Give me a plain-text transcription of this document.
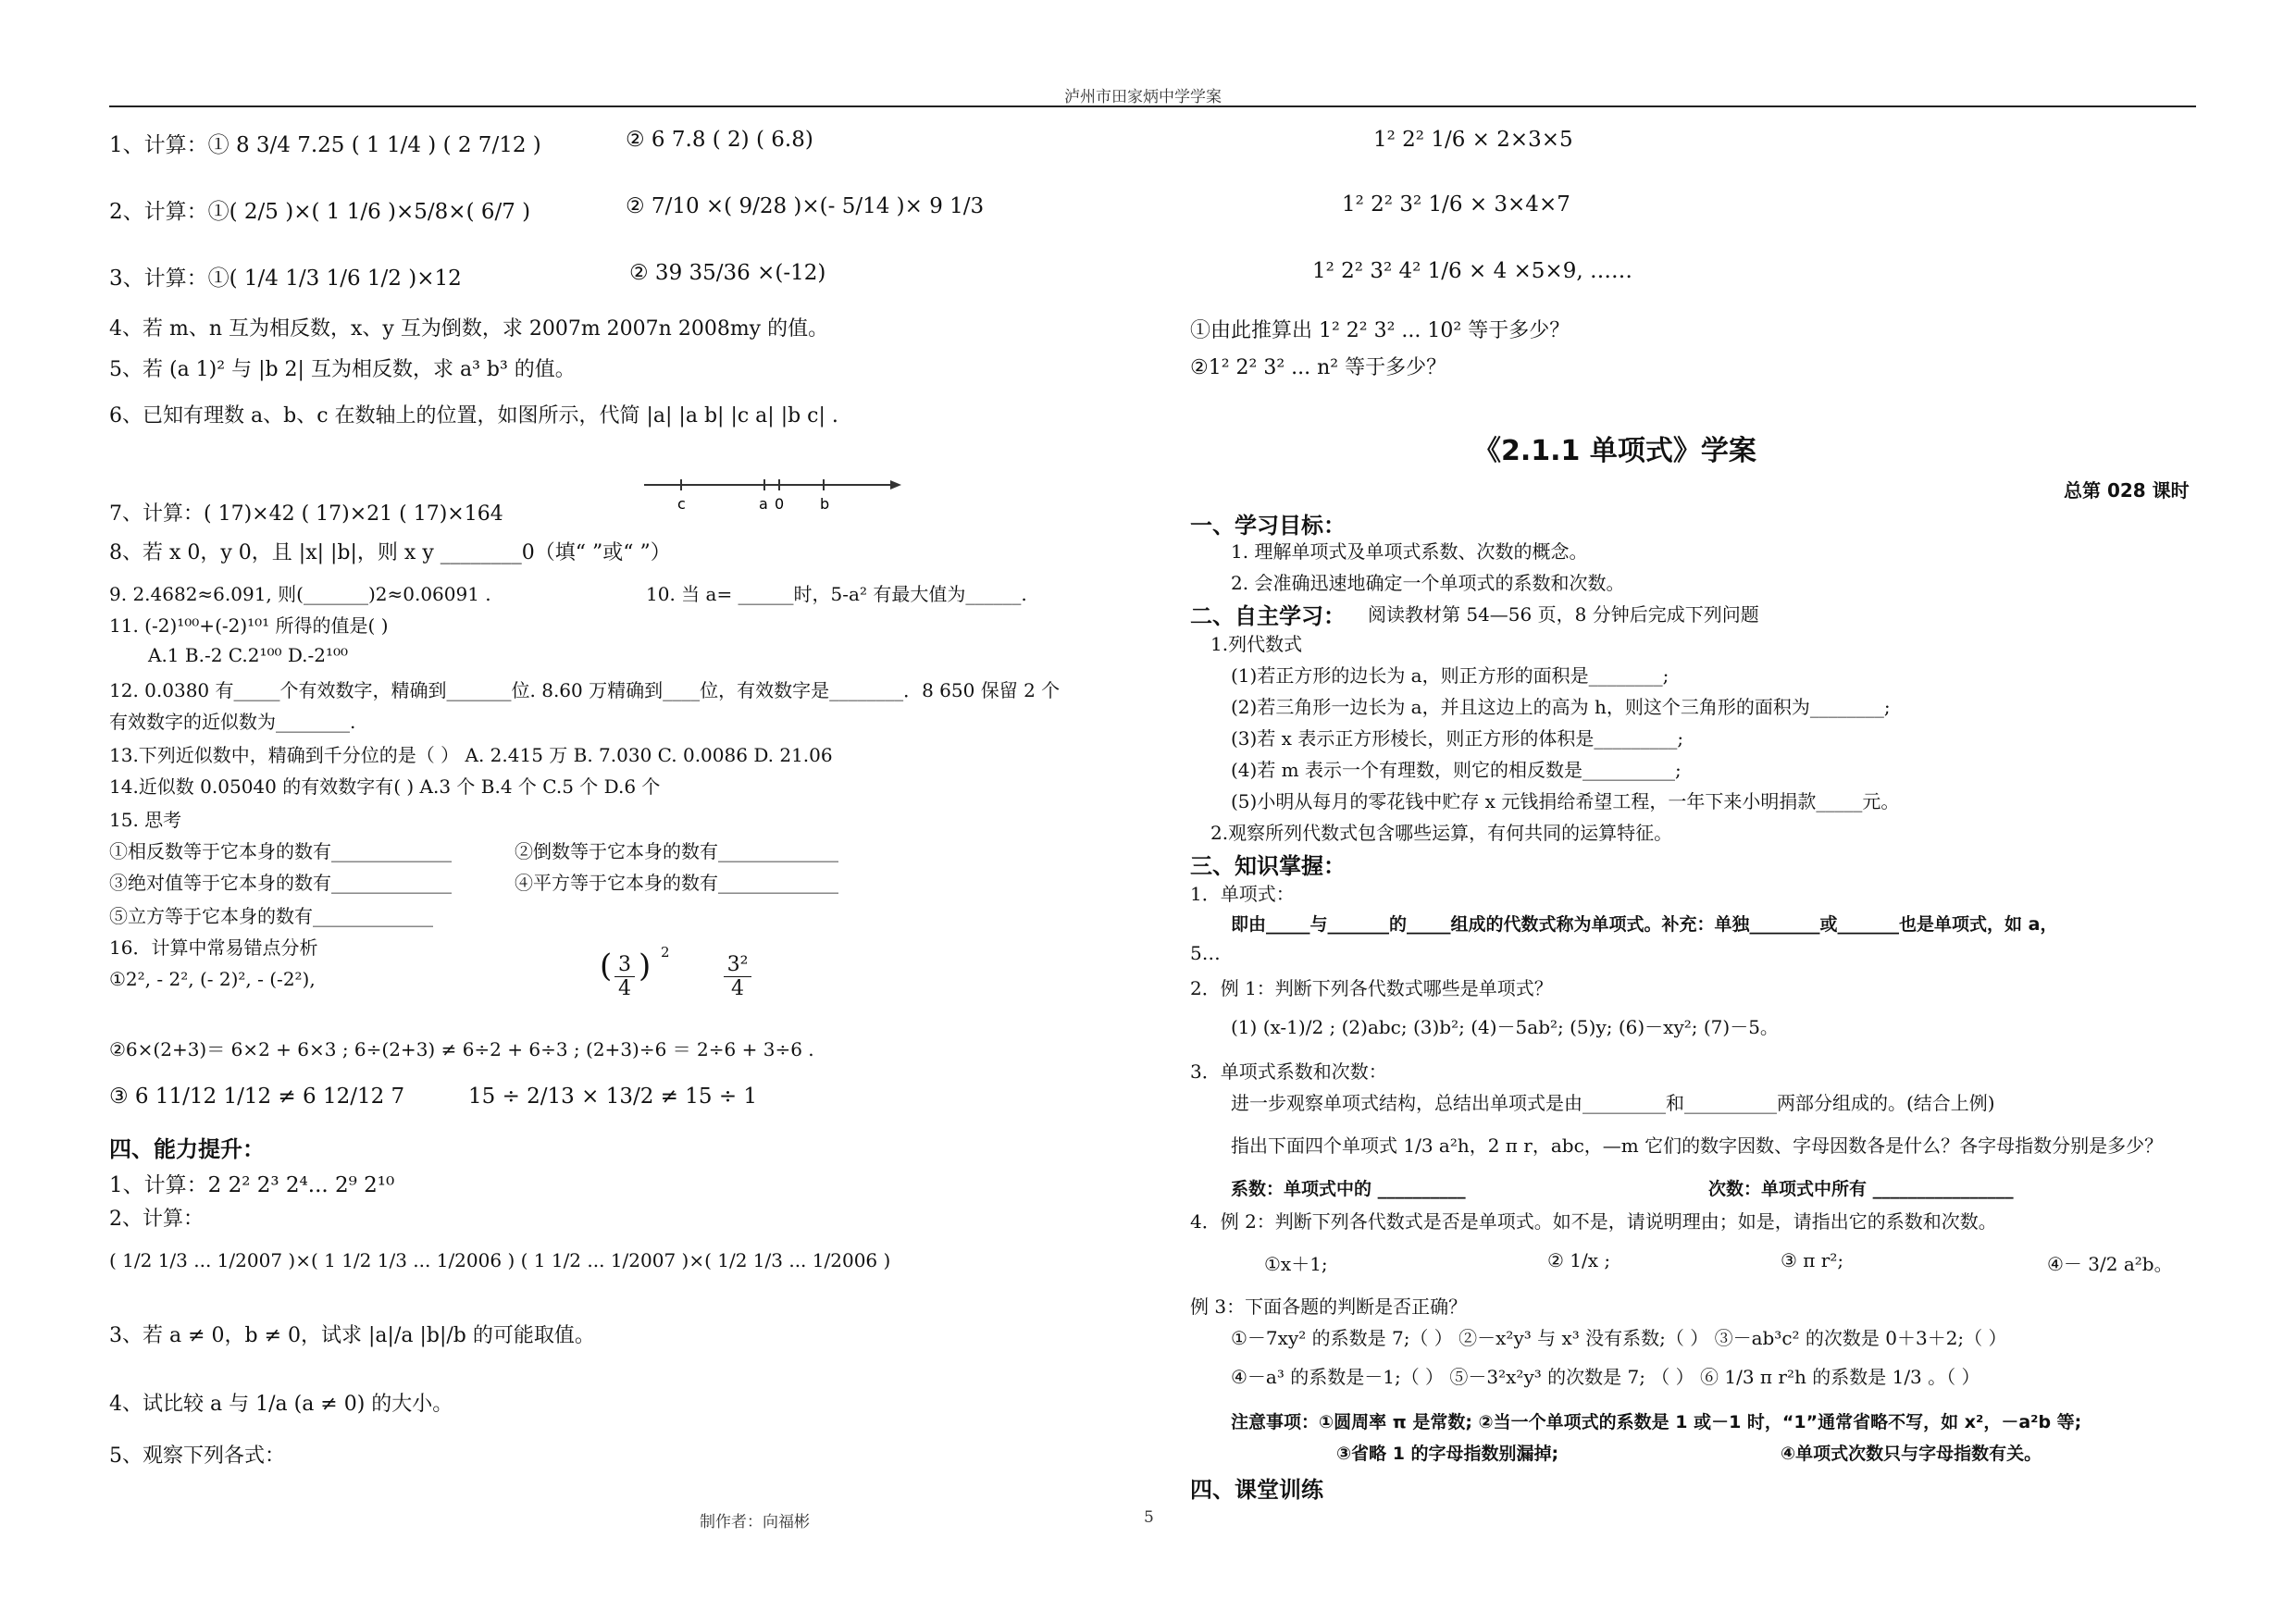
泸州市田家炳中学学案
1、计算：① 8 3/4 7.25 ( 1 1/4 ) ( 2 7/12 )	② 6 7.8 ( 2) ( 6.8)
2、计算：①( 2/5 )×( 1 1/6 )×5/8×( 6/7 )	② 7/10 ×( 9/28 )×(- 5/14 )× 9 1/3
3、计算：①( 1/4 1/3 1/6 1/2 )×12	② 39 35/36 ×(-12)
4、若 m、n 互为相反数，x、y 互为倒数，求 2007m 2007n 2008my 的值。
5、若 (a 1)² 与 |b 2| 互为相反数，求 a³ b³ 的值。
6、已知有理数 a、b、c 在数轴上的位置，如图所示，代简 |a| |a b| |c a| |b c| .
c	a 0 b
7、计算：( 17)×42 ( 17)×21 ( 17)×164
8、若 x 0，y 0，且 |x| |b|，则 x y ________0（填“ ”或“ ”）
9. 2.4682≈6.091, 则(_______)2≈0.06091 .	10. 当 a= ______时，5-a² 有最大值为______.
11. (-2)¹⁰⁰+(-2)¹⁰¹ 所得的值是( )
A.1 B.-2 C.2¹⁰⁰ D.-2¹⁰⁰
12. 0.0380 有_____个有效数字，精确到_______位. 8.60 万精确到____位，有效数字是________．8 650 保留 2 个
有效数字的近似数为________.
13.下列近似数中，精确到千分位的是（ ） A. 2.415 万 B. 7.030 C. 0.0086 D. 21.06
14.近似数 0.05040 的有效数字有( ) A.3 个 B.4 个 C.5 个 D.6 个
15. 思考
①相反数等于它本身的数有_____________	②倒数等于它本身的数有_____________
③绝对值等于它本身的数有_____________	④平方等于它本身的数有_____________
⑤立方等于它本身的数有_____________
16．计算中常易错点分析
①2², - 2², (- 2)², - (-2²),	( $\frac{3}{4}$ ) 2
$\frac{\text{3²}}{4}$
②6×(2+3)＝ 6×2 + 6×3 ; 6÷(2+3) ≠ 6÷2 + 6÷3 ; (2+3)÷6 ＝ 2÷6 + 3÷6 .
③ 6 11/12 1/12 ≠ 6 12/12 7	15 ÷ 2/13 × 13/2 ≠ 15 ÷ 1
四、能力提升：
1、计算：2 2² 2³ 2⁴... 2⁹ 2¹⁰
2、计算：
( 1/2 1/3 ... 1/2007 )×( 1 1/2 1/3 ... 1/2006 ) ( 1 1/2 ... 1/2007 )×( 1/2 1/3 ... 1/2006 )
3、若 a ≠ 0，b ≠ 0，试求 |a|/a |b|/b 的可能取值。
4、试比较 a 与 1/a (a ≠ 0) 的大小。
5、观察下列各式：
1² 2² 1/6 × 2×3×5
1² 2² 3² 1/6 × 3×4×7
1² 2² 3² 4² 1/6 × 4 ×5×9, ……
①由此推算出 1² 2² 3² ... 10² 等于多少？
②1² 2² 3² ... n² 等于多少？
《2.1.1 单项式》学案
总第 028 课时
一、学习目标：
1. 理解单项式及单项式系数、次数的概念。
2. 会准确迅速地确定一个单项式的系数和次数。
二、自主学习： 阅读教材第 54—56 页，8 分钟后完成下列问题
1.列代数式
(1)若正方形的边长为 a，则正方形的面积是________;
(2)若三角形一边长为 a，并且这边上的高为 h，则这个三角形的面积为________;
(3)若 x 表示正方形棱长，则正方形的体积是_________;
(4)若 m 表示一个有理数，则它的相反数是__________;
(5)小明从每月的零花钱中贮存 x 元钱捐给希望工程，一年下来小明捐款_____元。
2.观察所列代数式包含哪些运算，有何共同的运算特征。
三、知识掌握：
1．单项式：
即由_____与_______的_____组成的代数式称为单项式。补充：单独________或_______也是单项式，如 a，
5…
2．例 1：判断下列各代数式哪些是单项式？
(1) (x-1)/2 ; (2)abc; (3)b²; (4)－5ab²; (5)y; (6)－xy²; (7)－5。
3．单项式系数和次数：
进一步观察单项式结构，总结出单项式是由_________和__________两部分组成的。(结合上例)
指出下面四个单项式 1/3 a²h，2 π r，abc，—m 它们的数字因数、字母因数各是什么？各字母指数分别是多少？
系数：单项式中的 __________	次数：单项式中所有 ________________
4．例 2：判断下列各代数式是否是单项式。如不是，请说明理由；如是，请指出它的系数和次数。
①x＋1;	② 1/x ;	③ π r²;	④－ 3/2 a²b。
例 3：下面各题的判断是否正确？
①－7xy² 的系数是 7;（ ） ②－x²y³ 与 x³ 没有系数;（ ） ③－ab³c² 的次数是 0＋3＋2;（ ）
④－a³ 的系数是－1;（ ） ⑤－3²x²y³ 的次数是 7; （ ） ⑥ 1/3 π r²h 的系数是 1/3 。（ ）
注意事项：①圆周率 π 是常数; ②当一个单项式的系数是 1 或－1 时，“1”通常省略不写，如 x²，－a²b 等;
③省略 1 的字母指数别漏掉;	④单项式次数只与字母指数有关。
四、课堂训练
制作者：向福彬	5
